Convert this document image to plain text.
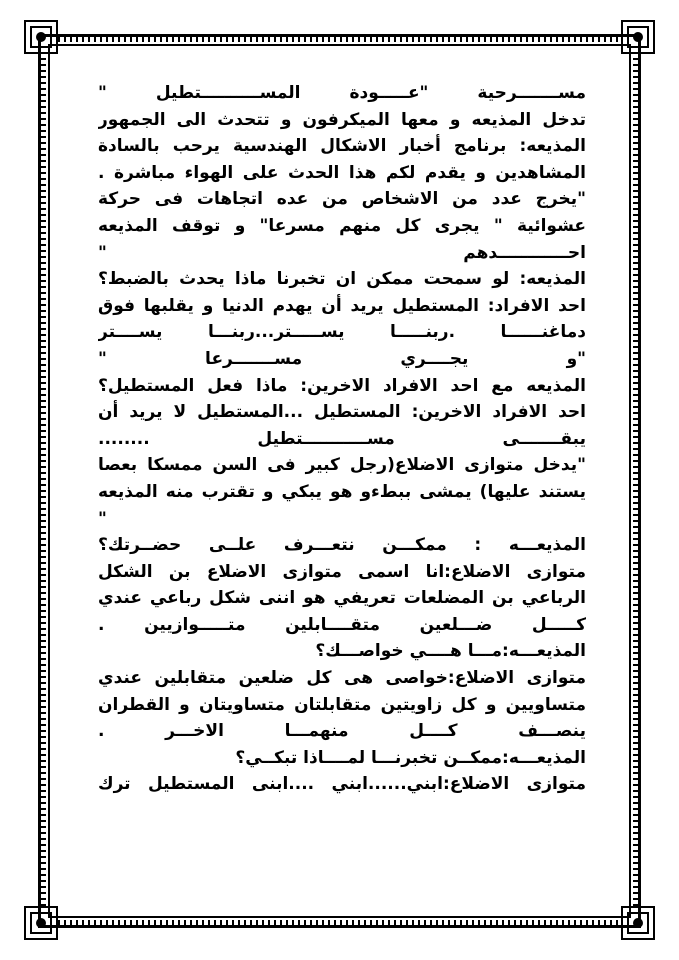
مســـــــرحية "عـــــودة المســــــــــتطيل "
تدخل المذيعه و معها الميكرفون و تتحدث الى الجمهور
المذيعه: برنامج أخبار الاشكال الهندسية يرحب بالسادة
المشاهدين و يقدم لكم هذا الحدث على الهواء مباشرة .
"يخرج عدد من الاشخاص من عده اتجاهات فى حركة
عشوائية " يجرى كل منهم مسرعا" و توقف المذيعه
احــــــــــــدهم "
المذيعه: لو سمحت ممكن ان تخبرنا ماذا يحدث بالضبط؟
احد الافراد: المستطيل يريد أن يهدم الدنيا و يقلبها فوق
دماغنــــــا .ربنـــــا يســـــتر...ربنـــا يســــتر
"و يجــــري مســـــــرعا "
المذيعه مع احد الافراد الاخرين: ماذا فعل المستطيل؟
احد الافراد الاخرين: المستطيل ...المستطيل لا يريد أن
يبقـــــــى مســـــــــــتطيل ........
"يدخل متوازى الاضلاع(رجل كبير فى السن ممسكا بعصا
يستند عليها) يمشى ببطءو هو يبكي و تقترب منه المذيعه
"
المذيعـــه : ممكـــن نتعـــرف علــى حضــرتك؟
متوازى الاضلاع:انا اسمى متوازى الاضلاع بن الشكل
الرباعي بن المضلعات تعريفي هو اننى شكل رباعي عندي
كـــــل ضـــلعين متقــــابلين متـــــوازيين .
المذيعـــه:مـــا هــــي خواصـــك؟
متوازى الاضلاع:خواصى هى كل ضلعين متقابلين عندي
متساويين و كل زاويتين متقابلتان متساويتان و القطران
ينصـــف كــــل منهمـــا الاخـــر .
المذيعـــه:ممكــن تخبرنـــا لمــــاذا تبكــي؟
متوازى الاضلاع:ابني......ابني ....ابنى المستطيل ترك
